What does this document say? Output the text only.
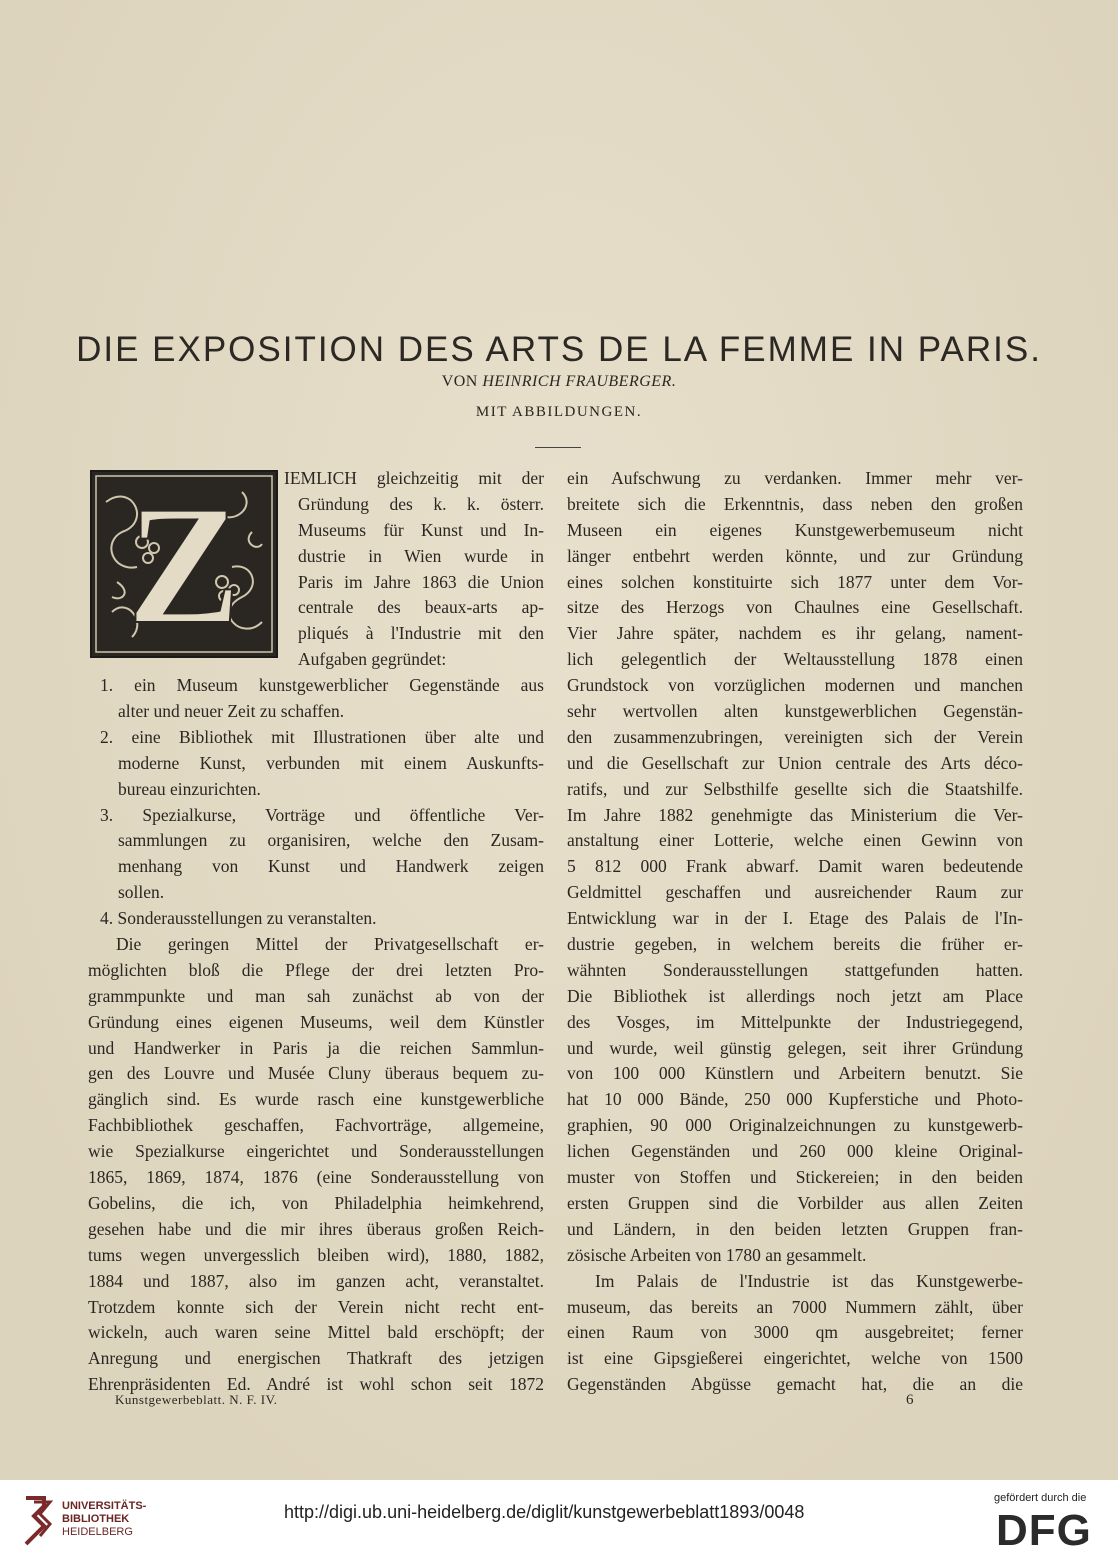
DIE EXPOSITION DES ARTS DE LA FEMME IN PARIS.
VON HEINRICH FRAUBERGER.
MIT ABBILDUNGEN.
Z	IEMLICH gleichzeitig mit der
Gründung des k. k. österr.
Museums für Kunst und In-
dustrie in Wien wurde in
Paris im Jahre 1863 die Union
centrale des beaux-arts ap-
pliqués à l'Industrie mit den
Aufgaben gegründet:
1. ein Museum kunstgewerblicher Gegenstände aus
alter und neuer Zeit zu schaffen.
2. eine Bibliothek mit Illustrationen über alte und
moderne Kunst, verbunden mit einem Auskunfts-
bureau einzurichten.
3. Spezialkurse, Vorträge und öffentliche Ver-
sammlungen zu organisiren, welche den Zusam-
menhang von Kunst und Handwerk zeigen
sollen.
4. Sonderausstellungen zu veranstalten.
Die geringen Mittel der Privatgesellschaft er-
möglichten bloß die Pflege der drei letzten Pro-
grammpunkte und man sah zunächst ab von der
Gründung eines eigenen Museums, weil dem Künstler
und Handwerker in Paris ja die reichen Sammlun-
gen des Louvre und Musée Cluny überaus bequem zu-
gänglich sind. Es wurde rasch eine kunstgewerbliche
Fachbibliothek geschaffen, Fachvorträge, allgemeine,
wie Spezialkurse eingerichtet und Sonderausstellungen
1865, 1869, 1874, 1876 (eine Sonderausstellung von
Gobelins, die ich, von Philadelphia heimkehrend,
gesehen habe und die mir ihres überaus großen Reich-
tums wegen unvergesslich bleiben wird), 1880, 1882,
1884 und 1887, also im ganzen acht, veranstaltet.
Trotzdem konnte sich der Verein nicht recht ent-
wickeln, auch waren seine Mittel bald erschöpft; der
Anregung und energischen Thatkraft des jetzigen
Ehrenpräsidenten Ed. André ist wohl schon seit 1872
ein Aufschwung zu verdanken. Immer mehr ver-
breitete sich die Erkenntnis, dass neben den großen
Museen ein eigenes Kunstgewerbemuseum nicht
länger entbehrt werden könnte, und zur Gründung
eines solchen konstituirte sich 1877 unter dem Vor-
sitze des Herzogs von Chaulnes eine Gesellschaft.
Vier Jahre später, nachdem es ihr gelang, nament-
lich gelegentlich der Weltausstellung 1878 einen
Grundstock von vorzüglichen modernen und manchen
sehr wertvollen alten kunstgewerblichen Gegenstän-
den zusammenzubringen, vereinigten sich der Verein
und die Gesellschaft zur Union centrale des Arts déco-
ratifs, und zur Selbsthilfe gesellte sich die Staatshilfe.
Im Jahre 1882 genehmigte das Ministerium die Ver-
anstaltung einer Lotterie, welche einen Gewinn von
5 812 000 Frank abwarf. Damit waren bedeutende
Geldmittel geschaffen und ausreichender Raum zur
Entwicklung war in der I. Etage des Palais de l'In-
dustrie gegeben, in welchem bereits die früher er-
wähnten Sonderausstellungen stattgefunden hatten.
Die Bibliothek ist allerdings noch jetzt am Place
des Vosges, im Mittelpunkte der Industriegegend,
und wurde, weil günstig gelegen, seit ihrer Gründung
von 100 000 Künstlern und Arbeitern benutzt. Sie
hat 10 000 Bände, 250 000 Kupferstiche und Photo-
graphien, 90 000 Originalzeichnungen zu kunstgewerb-
lichen Gegenständen und 260 000 kleine Original-
muster von Stoffen und Stickereien; in den beiden
ersten Gruppen sind die Vorbilder aus allen Zeiten
und Ländern, in den beiden letzten Gruppen fran-
zösische Arbeiten von 1780 an gesammelt.
Im Palais de l'Industrie ist das Kunstgewerbe-
museum, das bereits an 7000 Nummern zählt, über
einen Raum von 3000 qm ausgebreitet; ferner
ist eine Gipsgießerei eingerichtet, welche von 1500
Gegenständen Abgüsse gemacht hat, die an die
Kunstgewerbeblatt. N. F. IV.	6
UNIVERSITÄTS-
BIBLIOTHEK
HEIDELBERG
http://digi.ub.uni-heidelberg.de/diglit/kunstgewerbeblatt1893/0048
gefördert durch die
DFG
